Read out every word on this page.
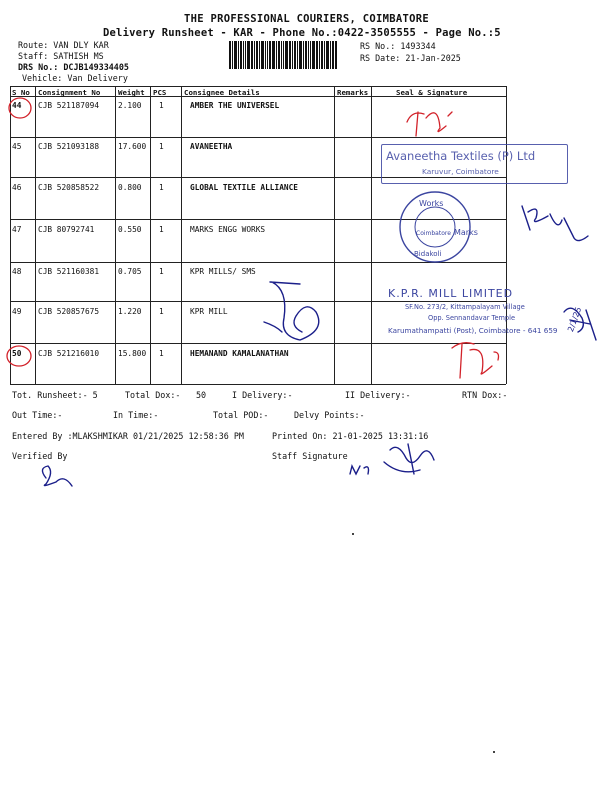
THE PROFESSIONAL COURIERS, COIMBATORE
Delivery Runsheet - KAR - Phone No.:0422-3505555 - Page No.:5
Route: VAN DLY KAR
Staff: SATHISH MS
DRS No.: DCJB149334405
Vehicle: Van Delivery
RS No.: 1493344
RS Date: 21-Jan-2025
S No Consignment No Weight PCS Consignee Details	Remarks	Seal & Signature
44 CJB 521187094 2.100 1	AMBER THE UNIVERSEL
45 CJB 521093188 17.600 1	AVANEETHA
46 CJB 520858522 0.800 1	GLOBAL TEXTILE ALLIANCE
47 CJB 80792741	0.550 1	MARKS ENGG WORKS
48 CJB 521160381 0.705 1	KPR MILLS/ SMS
49 CJB 520857675 1.220 1	KPR MILL
50 CJB 521216010 15.800 1	HEMANAND KAMALANATHAN
Avaneetha Textiles (P) Ltd
Karuvur, Coimbatore
Works
Marks
Coimbatore
Bidakoli
K.P.R. MILL LIMITED
SF.No. 273/2, Kittampalayam Village
Opp. Sennandavar Temple
Karumathampatti (Post), Coimbatore - 641 659 2/1/25
Tot. Runsheet:- 5	Total Dox:- 50	I Delivery:-	II Delivery:-	RTN Dox:-
Out Time:-	In Time:-	Total POD:-	Delvy Points:-
Entered By :MLAKSHMIKAR 01/21/2025 12:58:36 PM	Printed On: 21-01-2025 13:31:16
Verified By	Staff Signature
